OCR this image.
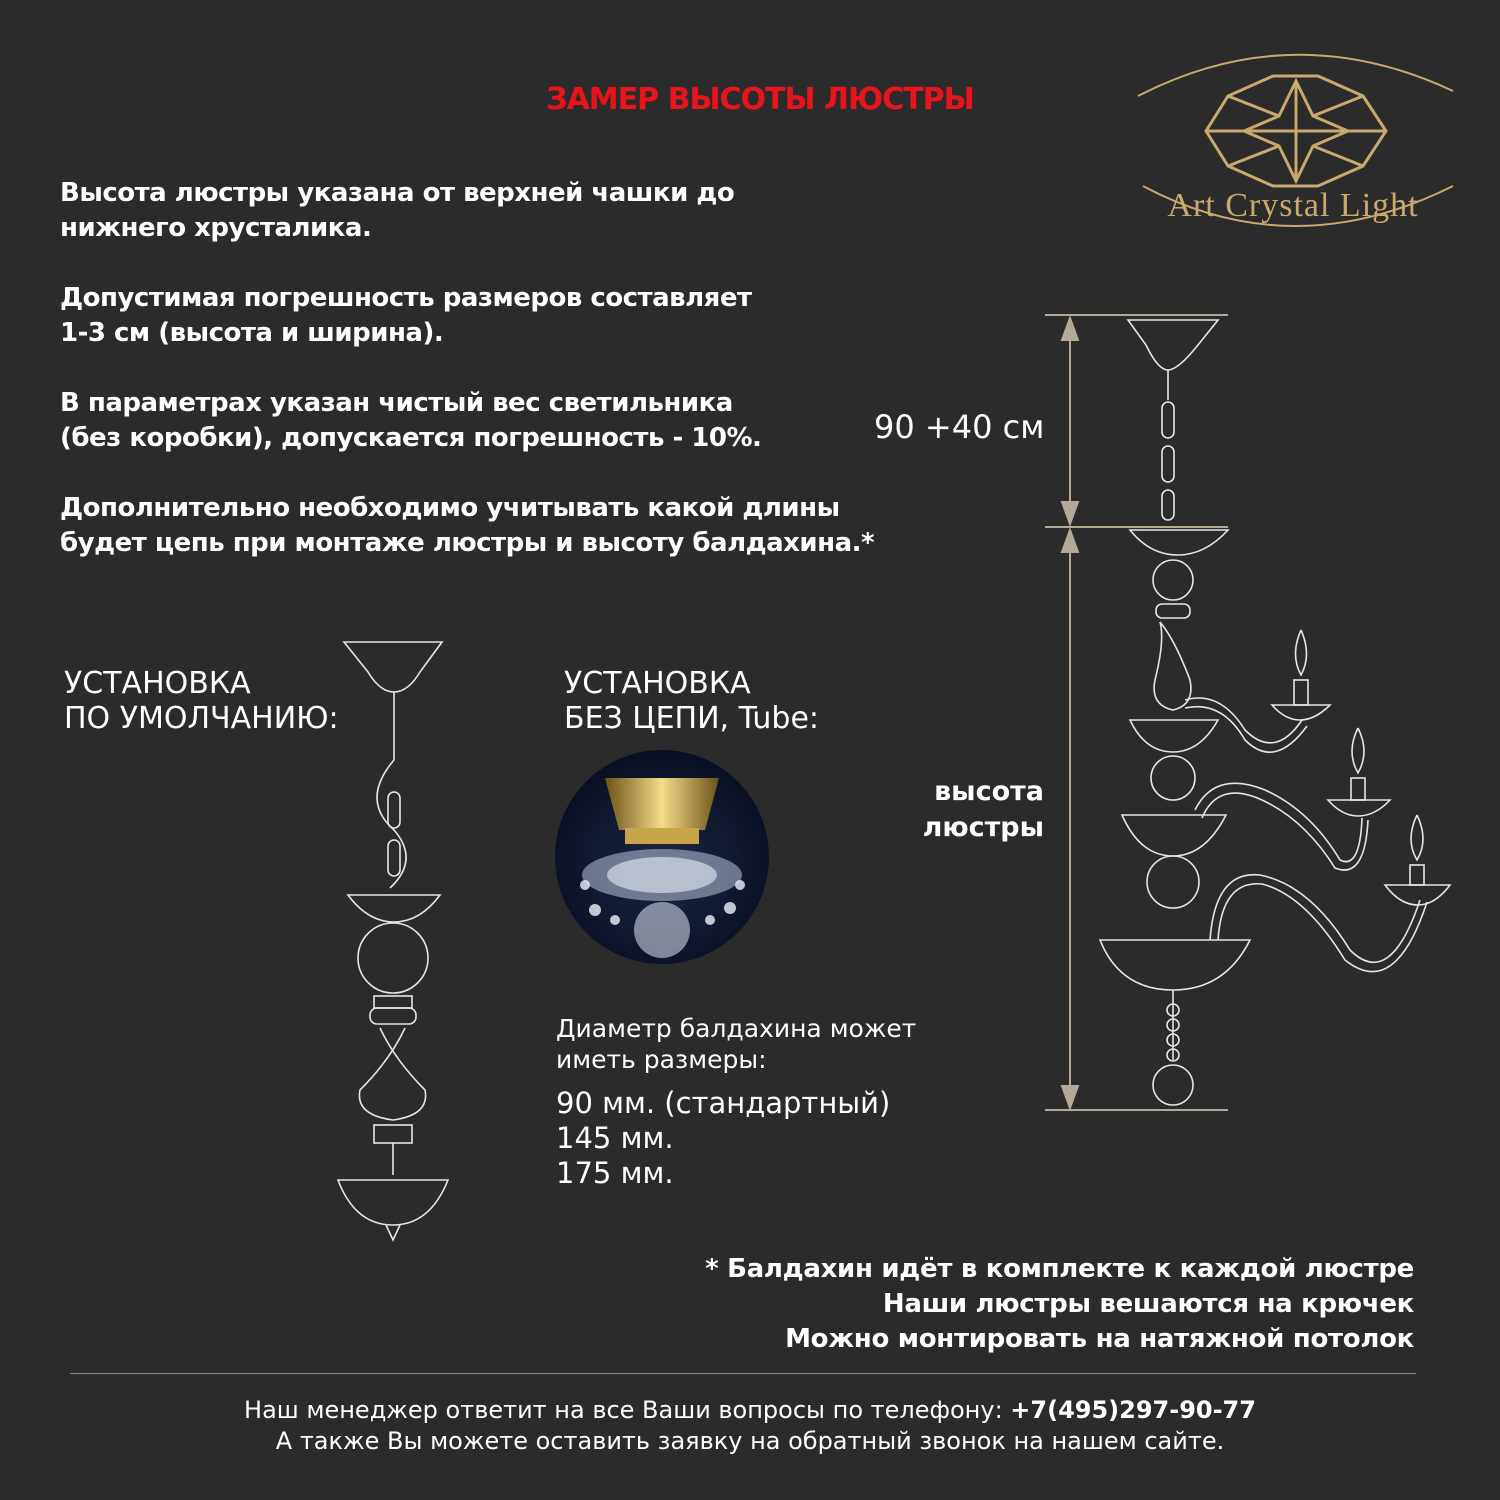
ЗАМЕР ВЫСОТЫ ЛЮСТРЫ
Art Crystal Light

Высота люстры указана от верхней чашки до
нижнего хрусталика.

Допустимая погрешность размеров составляет
1-3 см (высота и ширина).

В параметрах указан чистый вес светильника
(без коробки), допускается погрешность - 10%.

Дополнительно необходимо учитывать какой длины
будет цепь при монтаже люстры и высоту балдахина.*

УСТАНОВКА
ПО УМОЛЧАНИЮ:
УСТАНОВКА
БЕЗ ЦЕПИ, Tube:
90 +40 см
высота
люстры
Диаметр балдахина может
иметь размеры:
90 мм. (стандартный)
145 мм.
175 мм.
* Балдахин идёт в комплекте к каждой люстре
Наши люстры вешаются на крючек
Можно монтировать на натяжной потолок
Наш менеджер ответит на все Ваши вопросы по телефону: +7(495)297-90-77
А также Вы можете оставить заявку на обратный звонок на нашем сайте.
